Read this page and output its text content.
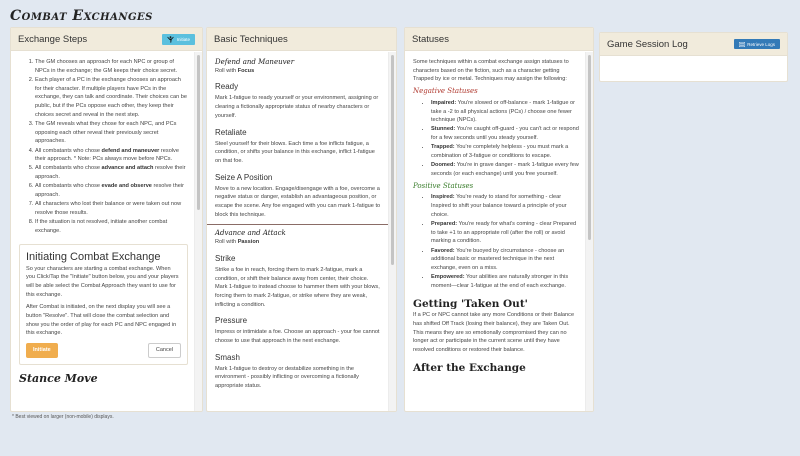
Combat Exchanges
Exchange Steps	Initiate
1. The GM chooses an approach for each NPC or group of NPCs in the exchange; the GM keeps their choice secret.
2. Each player of a PC in the exchange chooses an approach for their character. If multiple players have PCs in the exchange, they can talk and coordinate. Their choices can be public, but if the PCs oppose each other, they keep their choices secret and reveal in the next step.
3. The GM reveals what they chose for each NPC, and PCs opposing each other reveal their previously secret approaches.
4. All combatants who chose defend and maneuver resolve their approach. * Note: PCs always move before NPCs.
5. All combatants who chose advance and attach resolve their approach.
6. All combatants who chose evade and observe resolve their approach.
7. All characters who lost their balance or were taken out now resolve those results.
8. If the situation is not resolved, initiate another combat exchange.
Initiating Combat Exchange

So your characters are starting a combat exchange. When you Click/Tap the "Initiate" button below, you and your players will be able select the Combat Approach they want to use for this exchange.

After Combat is initiated, on the next display you will see a button "Resolve". That will close the combat selection and show you the order of play for each PC and NPC engaged in this exchange.

Initiate	Cancel
Stance Move
Basic Techniques
Defend and Maneuver
Roll with Focus
Ready
Mark 1-fatigue to ready yourself or your environment, assigning or clearing a fictionally appropriate status of nearby characters or yourself.
Retaliate
Steel yourself for their blows. Each time a foe inflicts fatigue, a condition, or shifts your balance in this exchange, inflict 1-fatigue on that foe.
Seize A Position
Move to a new location. Engage/disengage with a foe, overcome a negative status or danger, establish an advantageous position, or escape the scene. Any foe engaged with you can mark 1-fatigue to block this technique.
Advance and Attack
Roll with Passion
Strike
Strike a foe in reach, forcing them to mark 2-fatigue, mark a condition, or shift their balance away from center, their choice. Mark 1-fatigue to instead choose to hammer them with your blows, forcing them to mark 2-fatigue, or strike where they are weak, inflicting a condition.
Pressure
Impress or intimidate a foe. Choose an approach - your foe cannot choose to use that approach in the next exchange.
Smash
Mark 1-fatigue to destroy or destabilize something in the environment - possibly inflicting or overcoming a fictionally appropriate status.
Statuses
Some techniques within a combat exchange assign statuses to characters based on the fiction, such as a character getting Trapped by ice or metal. Techniques may assign the following:
Negative Statuses
• Impaired: You're slowed or off-balance - mark 1-fatigue or take a -2 to all physical actions (PCs) / choose one fewer technique (NPCs).
• Stunned: You're caught off-guard - you can't act or respond for a few seconds until you steady yourself.
• Trapped: You're completely helpless - you must mark a combination of 3-fatigue or conditions to escape.
• Doomed: You're in grave danger - mark 1-fatigue every few seconds (or each exchange) until you free yourself.
Positive Statuses
• Inspired: You're ready to stand for something - clear Inspired to shift your balance toward a principle of your choice.
• Prepared: You're ready for what's coming - clear Prepared to take +1 to an appropriate roll (after the roll) or avoid marking a condition.
• Favored: You're buoyed by circumstance - choose an additional basic or mastered technique in the next exchange, even on a miss.
• Empowered: Your abilities are naturally stronger in this moment—clear 1-fatigue at the end of each exchange.
Getting 'Taken Out'
If a PC or NPC cannot take any more Conditions or their Balance has shifted Off Track (losing their balance), they are Taken Out. This means they are so emotionally compromised they can no longer act or participate in the current scene until they have resolved conditions or restored their balance.
After the Exchange
Game Session Log	Retrieve Logs
* Best viewed on larger (non-mobile) displays.
